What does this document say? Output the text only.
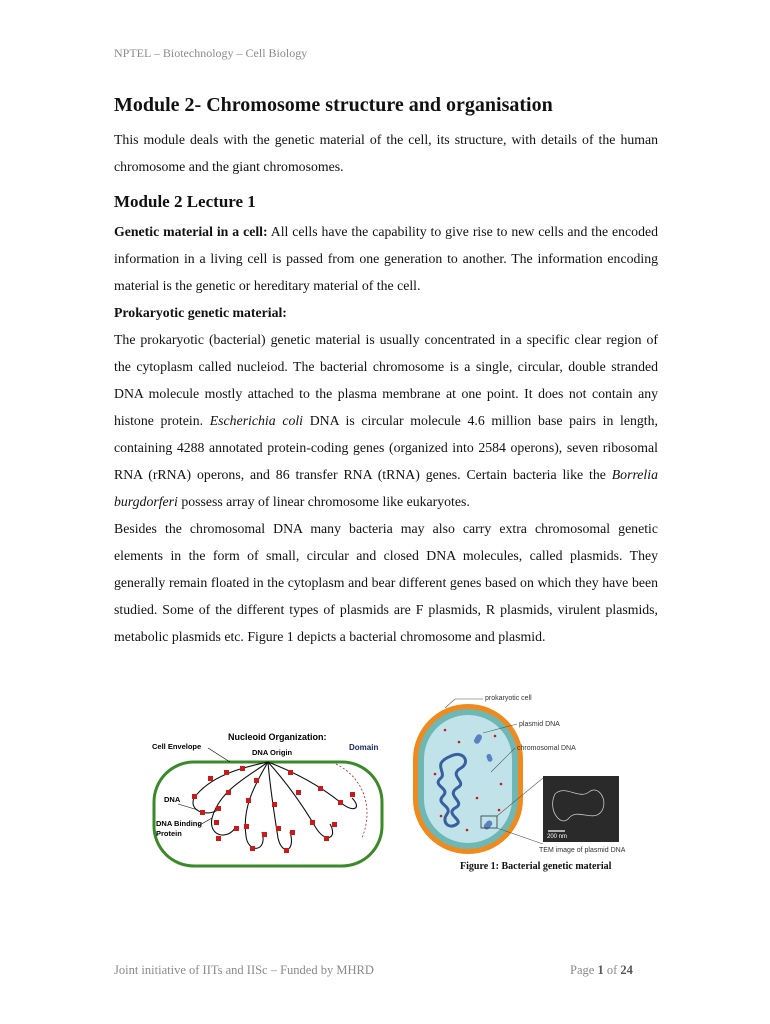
NPTEL – Biotechnology – Cell Biology
Module 2- Chromosome structure and organisation

This module deals with the genetic material of the cell, its structure, with details of the human chromosome and the giant chromosomes.

Module 2 Lecture 1

Genetic material in a cell: All cells have the capability to give rise to new cells and the encoded information in a living cell is passed from one generation to another. The information encoding material is the genetic or hereditary material of the cell.

Prokaryotic genetic material:

The prokaryotic (bacterial) genetic material is usually concentrated in a specific clear region of the cytoplasm called nucleiod. The bacterial chromosome is a single, circular, double stranded DNA molecule mostly attached to the plasma membrane at one point. It does not contain any histone protein. Escherichia coli DNA is circular molecule 4.6 million base pairs in length, containing 4288 annotated protein-coding genes (organized into 2584 operons), seven ribosomal RNA (rRNA) operons, and 86 transfer RNA (tRNA) genes. Certain bacteria like the Borrelia burgdorferi possess array of linear chromosome like eukaryotes.

Besides the chromosomal DNA many bacteria may also carry extra chromosomal genetic elements in the form of small, circular and closed DNA molecules, called plasmids. They generally remain floated in the cytoplasm and bear different genes based on which they have been studied. Some of the different types of plasmids are F plasmids, R plasmids, virulent plasmids, metabolic plasmids etc. Figure 1 depicts a bacterial chromosome and plasmid.

Nucleoid Organization:
Cell Envelope
DNA Origin
Domain
DNA
DNA Binding
Protein
prokaryotic cell
plasmid DNA
chromosomal DNA
200 nm
TEM image of plasmid DNA
Figure 1: Bacterial genetic material
Joint initiative of IITs and IISc – Funded by MHRD	Page 1 of 24
